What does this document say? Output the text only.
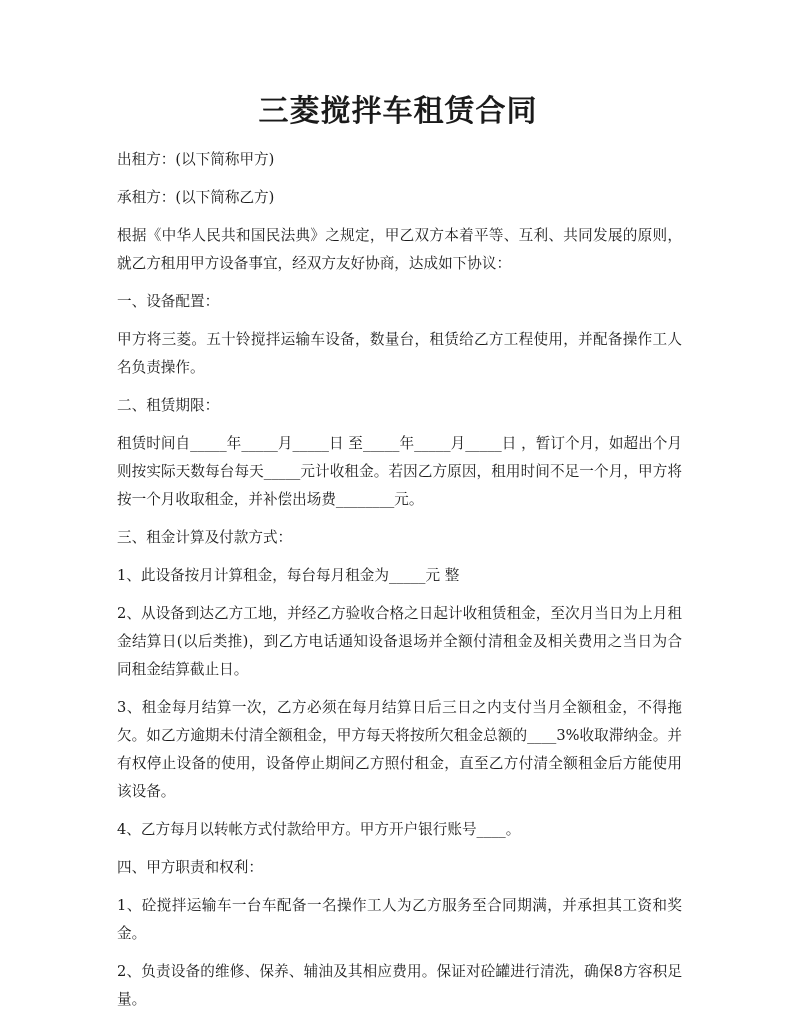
三菱搅拌车租赁合同

出租方：(以下简称甲方)

承租方：(以下简称乙方)

根据《中华人民共和国民法典》之规定，甲乙双方本着平等、互利、共同发展的原则，就乙方租用甲方设备事宜，经双方友好协商，达成如下协议：

一、设备配置：

甲方将三菱。五十铃搅拌运输车设备，数量台，租赁给乙方工程使用，并配备操作工人名负责操作。

二、租赁期限：

租赁时间自_____年_____月_____日 至_____年_____月_____日 ，暂订个月，如超出个月则按实际天数每台每天_____元计收租金。若因乙方原因，租用时间不足一个月，甲方将按一个月收取租金，并补偿出场费________元。

三、租金计算及付款方式：

1、此设备按月计算租金，每台每月租金为_____元 整

2、从设备到达乙方工地，并经乙方验收合格之日起计收租赁租金，至次月当日为上月租金结算日(以后类推)，到乙方电话通知设备退场并全额付清租金及相关费用之当日为合同租金结算截止日。

3、租金每月结算一次，乙方必须在每月结算日后三日之内支付当月全额租金，不得拖欠。如乙方逾期未付清全额租金，甲方每天将按所欠租金总额的____3%收取滞纳金。并有权停止设备的使用，设备停止期间乙方照付租金，直至乙方付清全额租金后方能使用该设备。

4、乙方每月以转帐方式付款给甲方。甲方开户银行账号____。

四、甲方职责和权利：

1、砼搅拌运输车一台车配备一名操作工人为乙方服务至合同期满，并承担其工资和奖金。

2、负责设备的维修、保养、辅油及其相应费用。保证对砼罐进行清洗，确保8方容积足量。
